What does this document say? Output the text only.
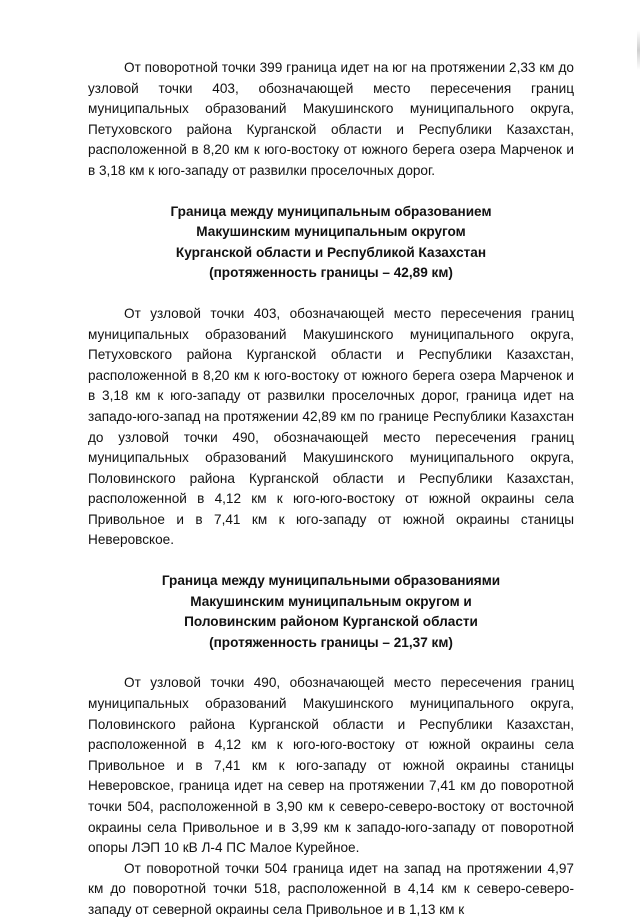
От поворотной точки 399 граница идет на юг на протяжении 2,33 км до узловой точки 403, обозначающей место пересечения границ муниципальных образований Макушинского муниципального округа, Петуховского района Курганской области и Республики Казахстан, расположенной в 8,20 км к юго-востоку от южного берега озера Марченок и в 3,18 км к юго-западу от развилки проселочных дорог.

Граница между муниципальным образованием
Макушинским муниципальным округом
Курганской области и Республикой Казахстан
(протяженность границы – 42,89 км)

От узловой точки 403, обозначающей место пересечения границ муниципальных образований Макушинского муниципального округа, Петуховского района Курганской области и Республики Казахстан, расположенной в 8,20 км к юго-востоку от южного берега озера Марченок и в 3,18 км к юго-западу от развилки проселочных дорог, граница идет на западо-юго-запад на протяжении 42,89 км по границе Республики Казахстан до узловой точки 490, обозначающей место пересечения границ муниципальных образований Макушинского муниципального округа, Половинского района Курганской области и Республики Казахстан, расположенной в 4,12 км к юго-юго-востоку от южной окраины села Привольное и в 7,41 км к юго-западу от южной окраины станицы Неверовское.

Граница между муниципальными образованиями
Макушинским муниципальным округом и
Половинским районом Курганской области
(протяженность границы – 21,37 км)

От узловой точки 490, обозначающей место пересечения границ муниципальных образований Макушинского муниципального округа, Половинского района Курганской области и Республики Казахстан, расположенной в 4,12 км к юго-юго-востоку от южной окраины села Привольное и в 7,41 км к юго-западу от южной окраины станицы Неверовское, граница идет на север на протяжении 7,41 км до поворотной точки 504, расположенной в 3,90 км к северо-северо-востоку от восточной окраины села Привольное и в 3,99 км к западо-юго-западу от поворотной опоры ЛЭП 10 кВ Л-4 ПС Малое Курейное.

От поворотной точки 504 граница идет на запад на протяжении 4,97 км до поворотной точки 518, расположенной в 4,14 км к северо-северо-западу от северной окраины села Привольное и в 1,13 км к
